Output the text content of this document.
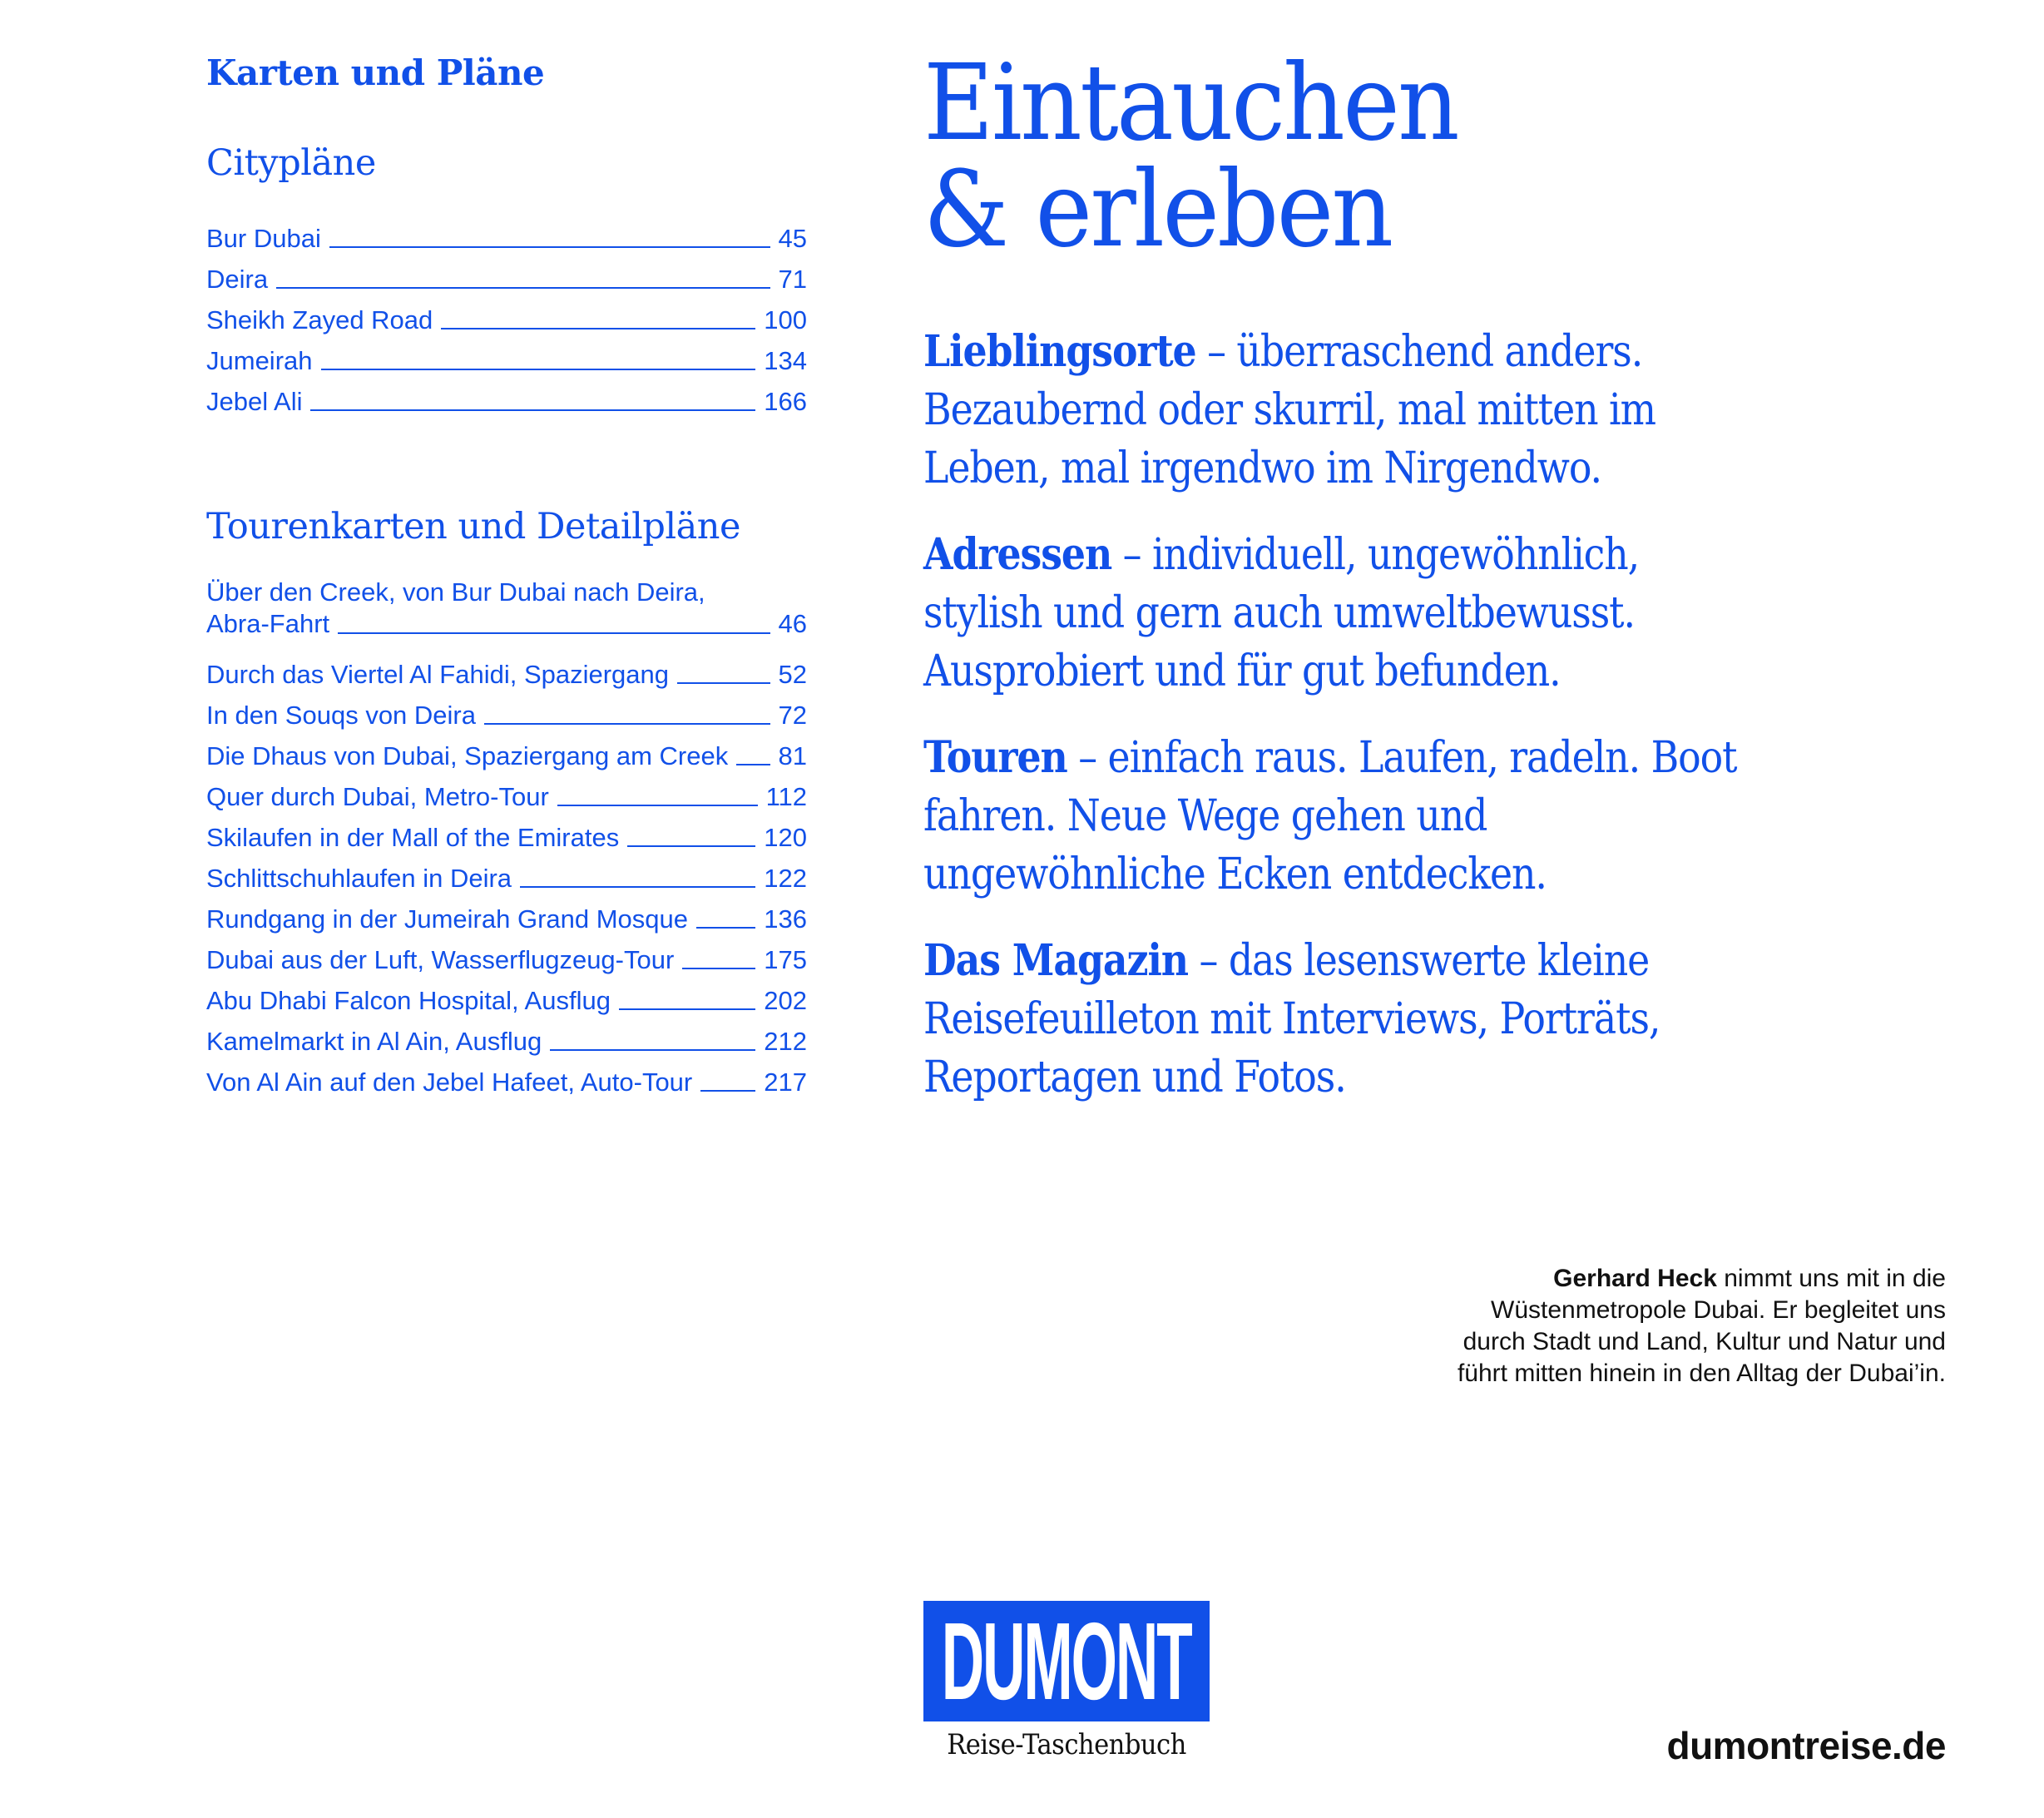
Karten und Pläne
Citypläne
Bur Dubai	45
Deira	71
Sheikh Zayed Road	100
Jumeirah	134
Jebel Ali	166
Tourenkarten und Detailpläne
Über den Creek, von Bur Dubai nach Deira,
Abra-Fahrt	46
Durch das Viertel Al Fahidi, Spaziergang	52
In den Souqs von Deira	72
Die Dhaus von Dubai, Spaziergang am Creek 81
Quer durch Dubai, Metro-Tour	112
Skilaufen in der Mall of the Emirates	120
Schlittschuhlaufen in Deira	122
Rundgang in der Jumeirah Grand Mosque	136
Dubai aus der Luft, Wasserflugzeug-Tour	175
Abu Dhabi Falcon Hospital, Ausflug	202
Kamelmarkt in Al Ain, Ausflug	212
Von Al Ain auf den Jebel Hafeet, Auto-Tour	217
Eintauchen
& erleben

Lieblingsorte – überraschend anders. Bezaubernd oder skurril, mal mitten im Leben, mal irgendwo im Nirgendwo.

Adressen – individuell, ungewöhnlich, stylish und gern auch umweltbewusst. Ausprobiert und für gut befunden.

Touren – einfach raus. Laufen, radeln. Boot fahren. Neue Wege gehen und ungewöhnliche Ecken entdecken.

Das Magazin – das lesenswerte kleine Reisefeuilleton mit Interviews, Porträts, Reportagen und Fotos.

Gerhard Heck nimmt uns mit in die Wüstenmetropole Dubai. Er begleitet uns durch Stadt und Land, Kultur und Natur und führt mitten hinein in den Alltag der Dubai’in.
DUMONT
Reise-Taschenbuch	dumontreise.de
